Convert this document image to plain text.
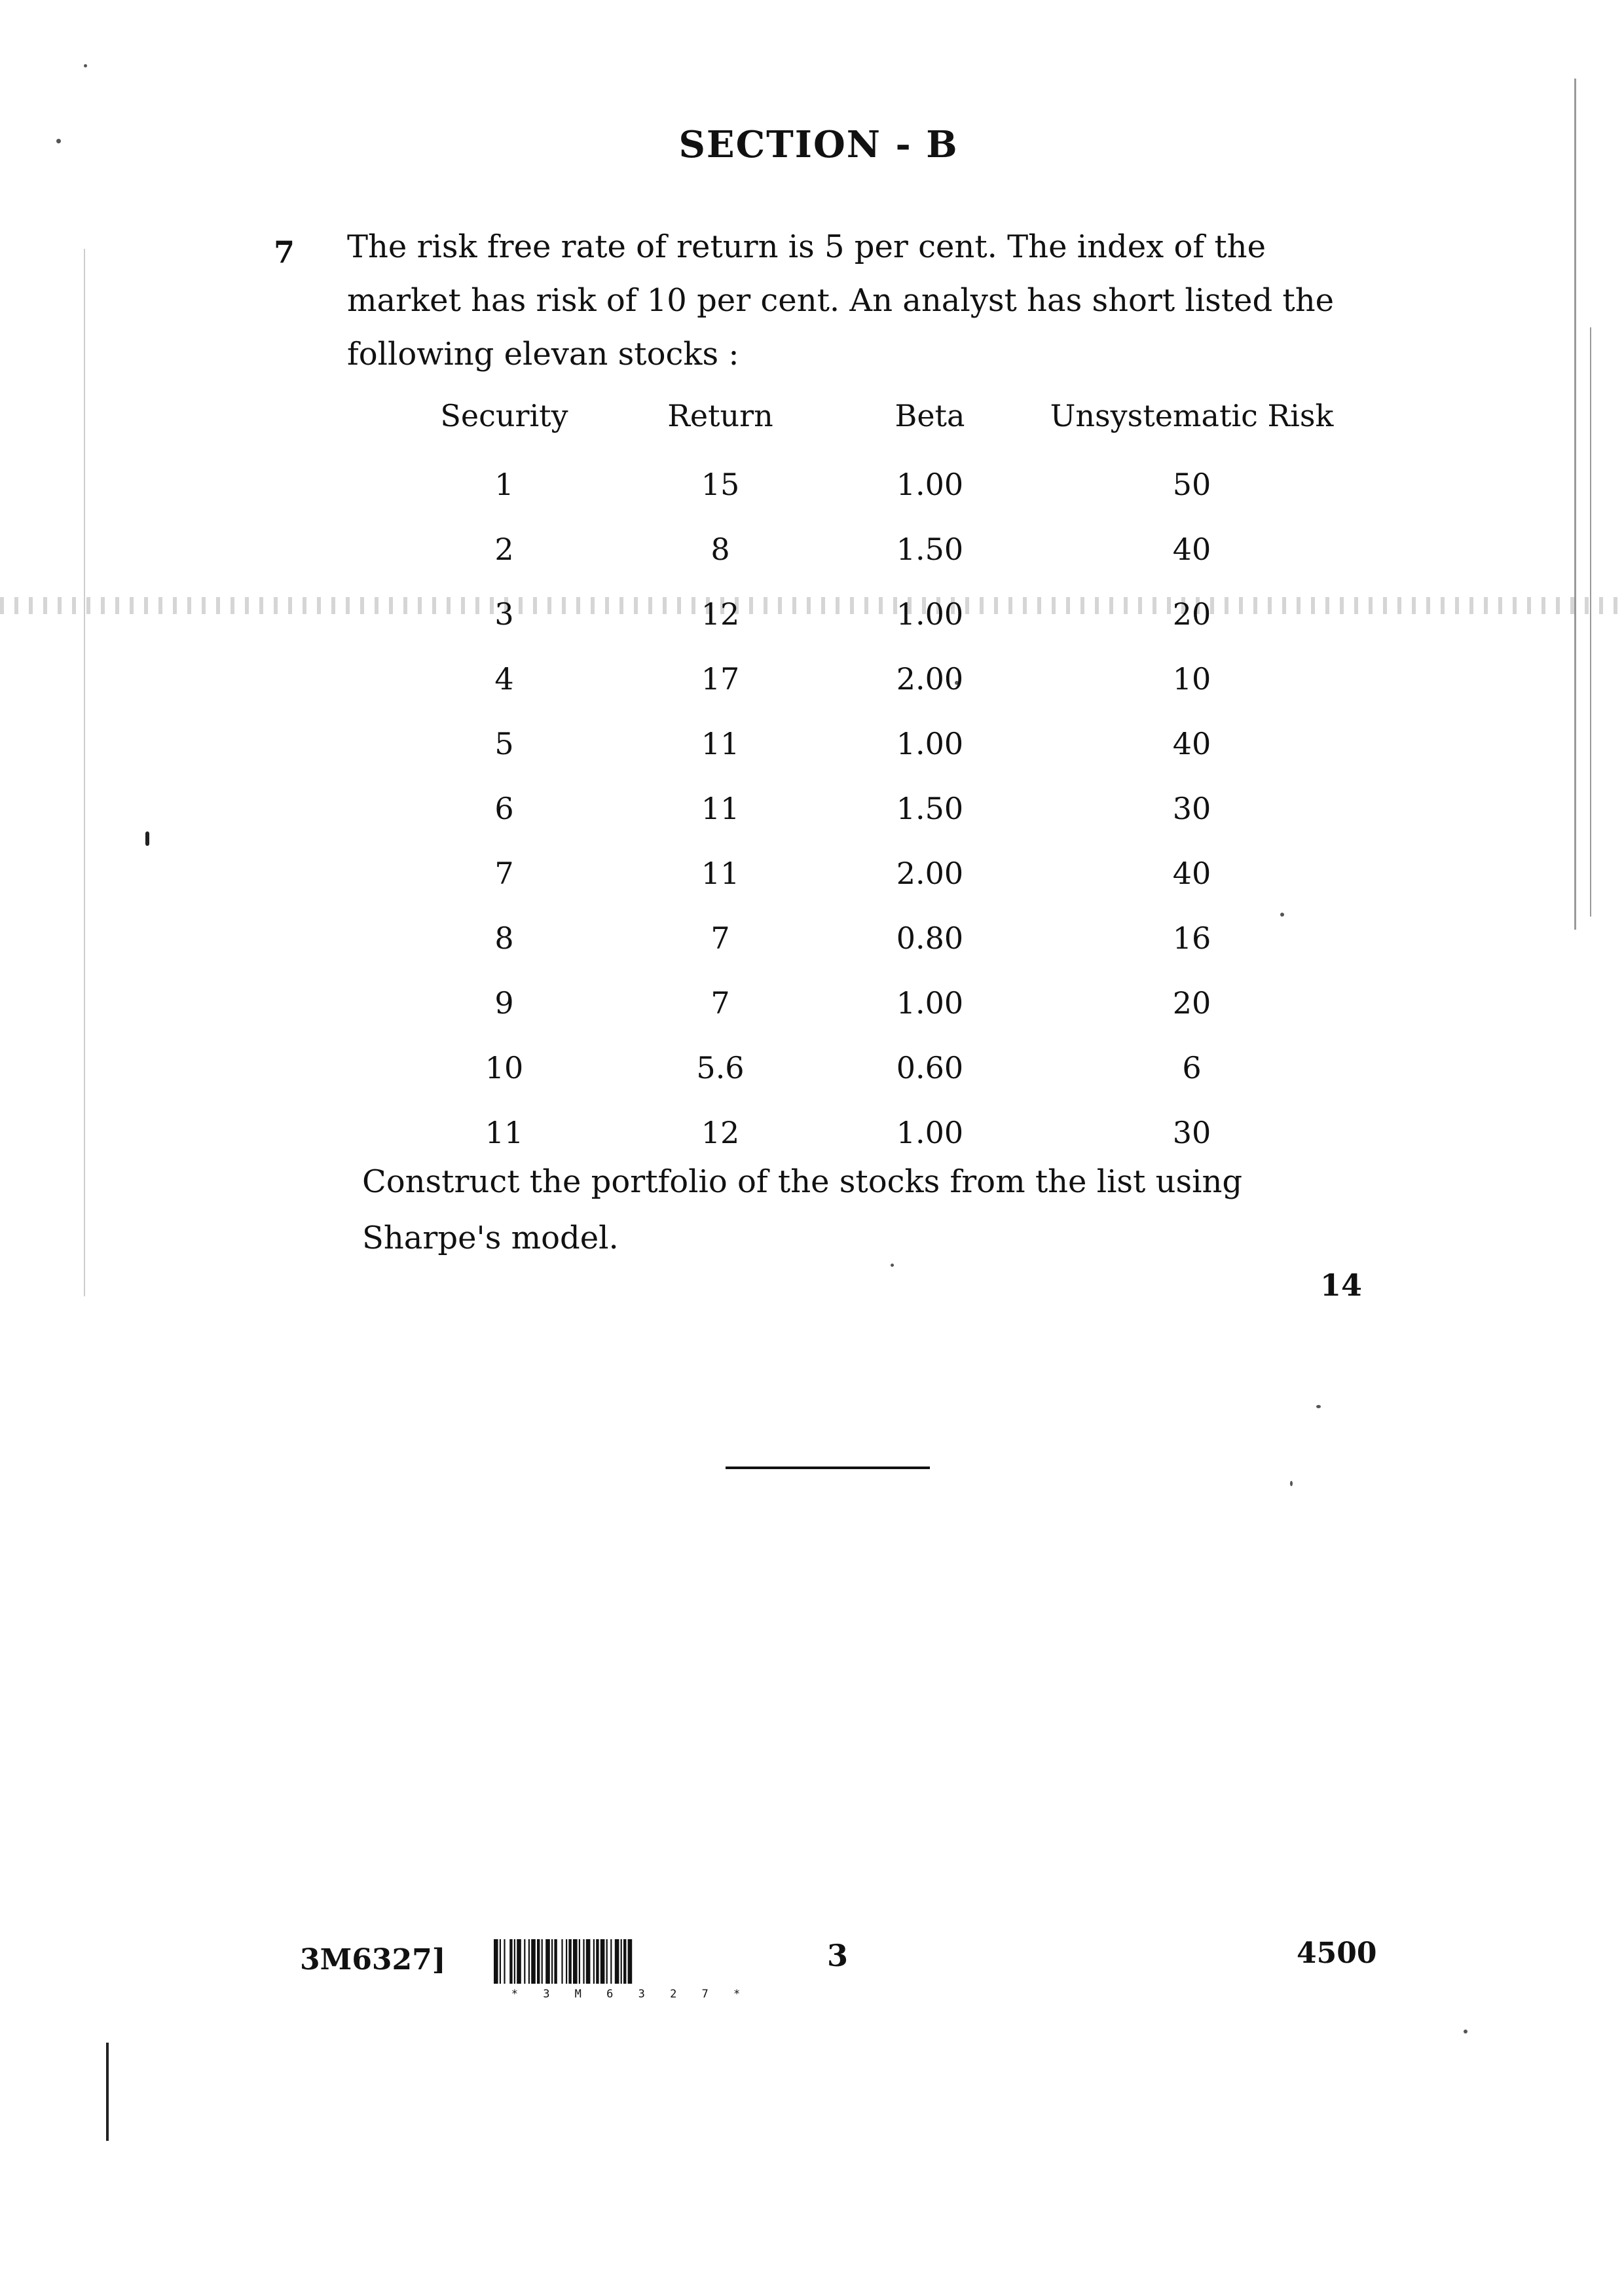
SECTION - B
7 The risk free rate of return is 5 per cent. The index of the market has risk of 10 per cent. An analyst has short listed the following elevan stocks :
Security	Return	Beta	Unsystematic Risk
1	15	1.00	50
2	8	1.50	40
3	12	1.00	20
4	17	2.00	10
5	11	1.00	40
6	11	1.50	30
7	11	2.00	40
8	7	0.80	16
9	7	1.00	20
10	5.6	0.60	6
11	12	1.00	30
Construct the portfolio of the stocks from the list using Sharpe's model.
14
3M6327]
* 3 M 6 3 2 7 *
3	4500
